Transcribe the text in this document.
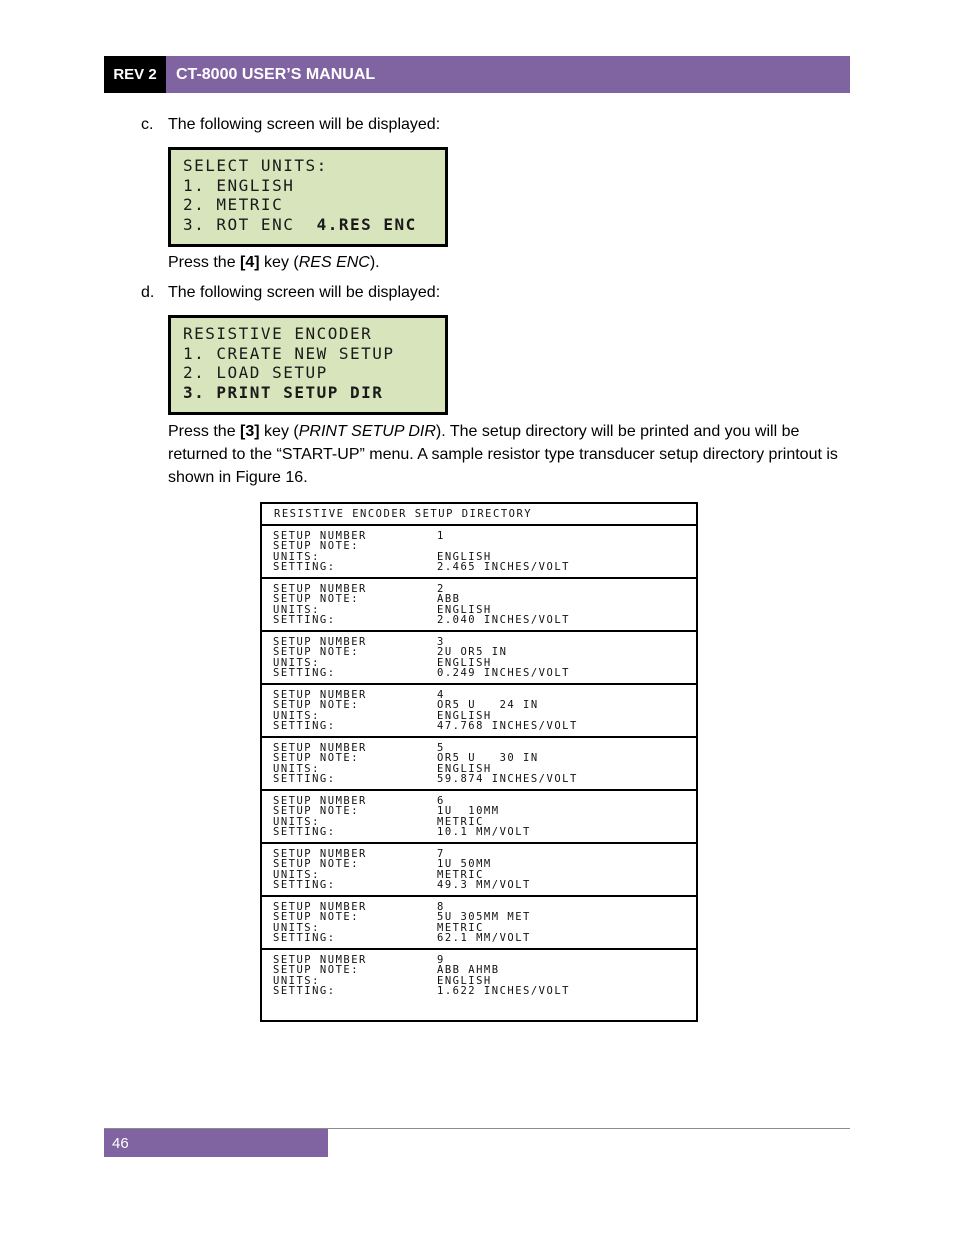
REV 2	CT-8000 USER’S MANUAL
c. The following screen will be displayed:
SELECT UNITS:
1. ENGLISH
2. METRIC
3. ROT ENC  4.RES ENC
Press the [4] key (RES ENC).
d. The following screen will be displayed:
RESISTIVE ENCODER
1. CREATE NEW SETUP
2. LOAD SETUP
3. PRINT SETUP DIR
Press the [3] key (PRINT SETUP DIR). The setup directory will be printed and you will be returned to the “START-UP” menu. A sample resistor type transducer setup directory printout is shown in Figure 16.
RESISTIVE ENCODER SETUP DIRECTORY
SETUP NUMBER	1
SETUP NOTE:
UNITS:	ENGLISH
SETTING:	2.465 INCHES/VOLT
SETUP NUMBER	2
SETUP NOTE:	ABB
UNITS:	ENGLISH
SETTING:	2.040 INCHES/VOLT
SETUP NUMBER	3
SETUP NOTE:	2U OR5 IN
UNITS:	ENGLISH
SETTING:	0.249 INCHES/VOLT
SETUP NUMBER	4
SETUP NOTE:	OR5 U   24 IN
UNITS:	ENGLISH
SETTING:	47.768 INCHES/VOLT
SETUP NUMBER	5
SETUP NOTE:	OR5 U   30 IN
UNITS:	ENGLISH
SETTING:	59.874 INCHES/VOLT
SETUP NUMBER	6
SETUP NOTE:	1U  10MM
UNITS:	METRIC
SETTING:	10.1 MM/VOLT
SETUP NUMBER	7
SETUP NOTE:	1U 50MM
UNITS:	METRIC
SETTING:	49.3 MM/VOLT
SETUP NUMBER	8
SETUP NOTE:	5U 305MM MET
UNITS:	METRIC
SETTING:	62.1 MM/VOLT
SETUP NUMBER	9
SETUP NOTE:	ABB AHMB
UNITS:	ENGLISH
SETTING:	1.622 INCHES/VOLT
46
